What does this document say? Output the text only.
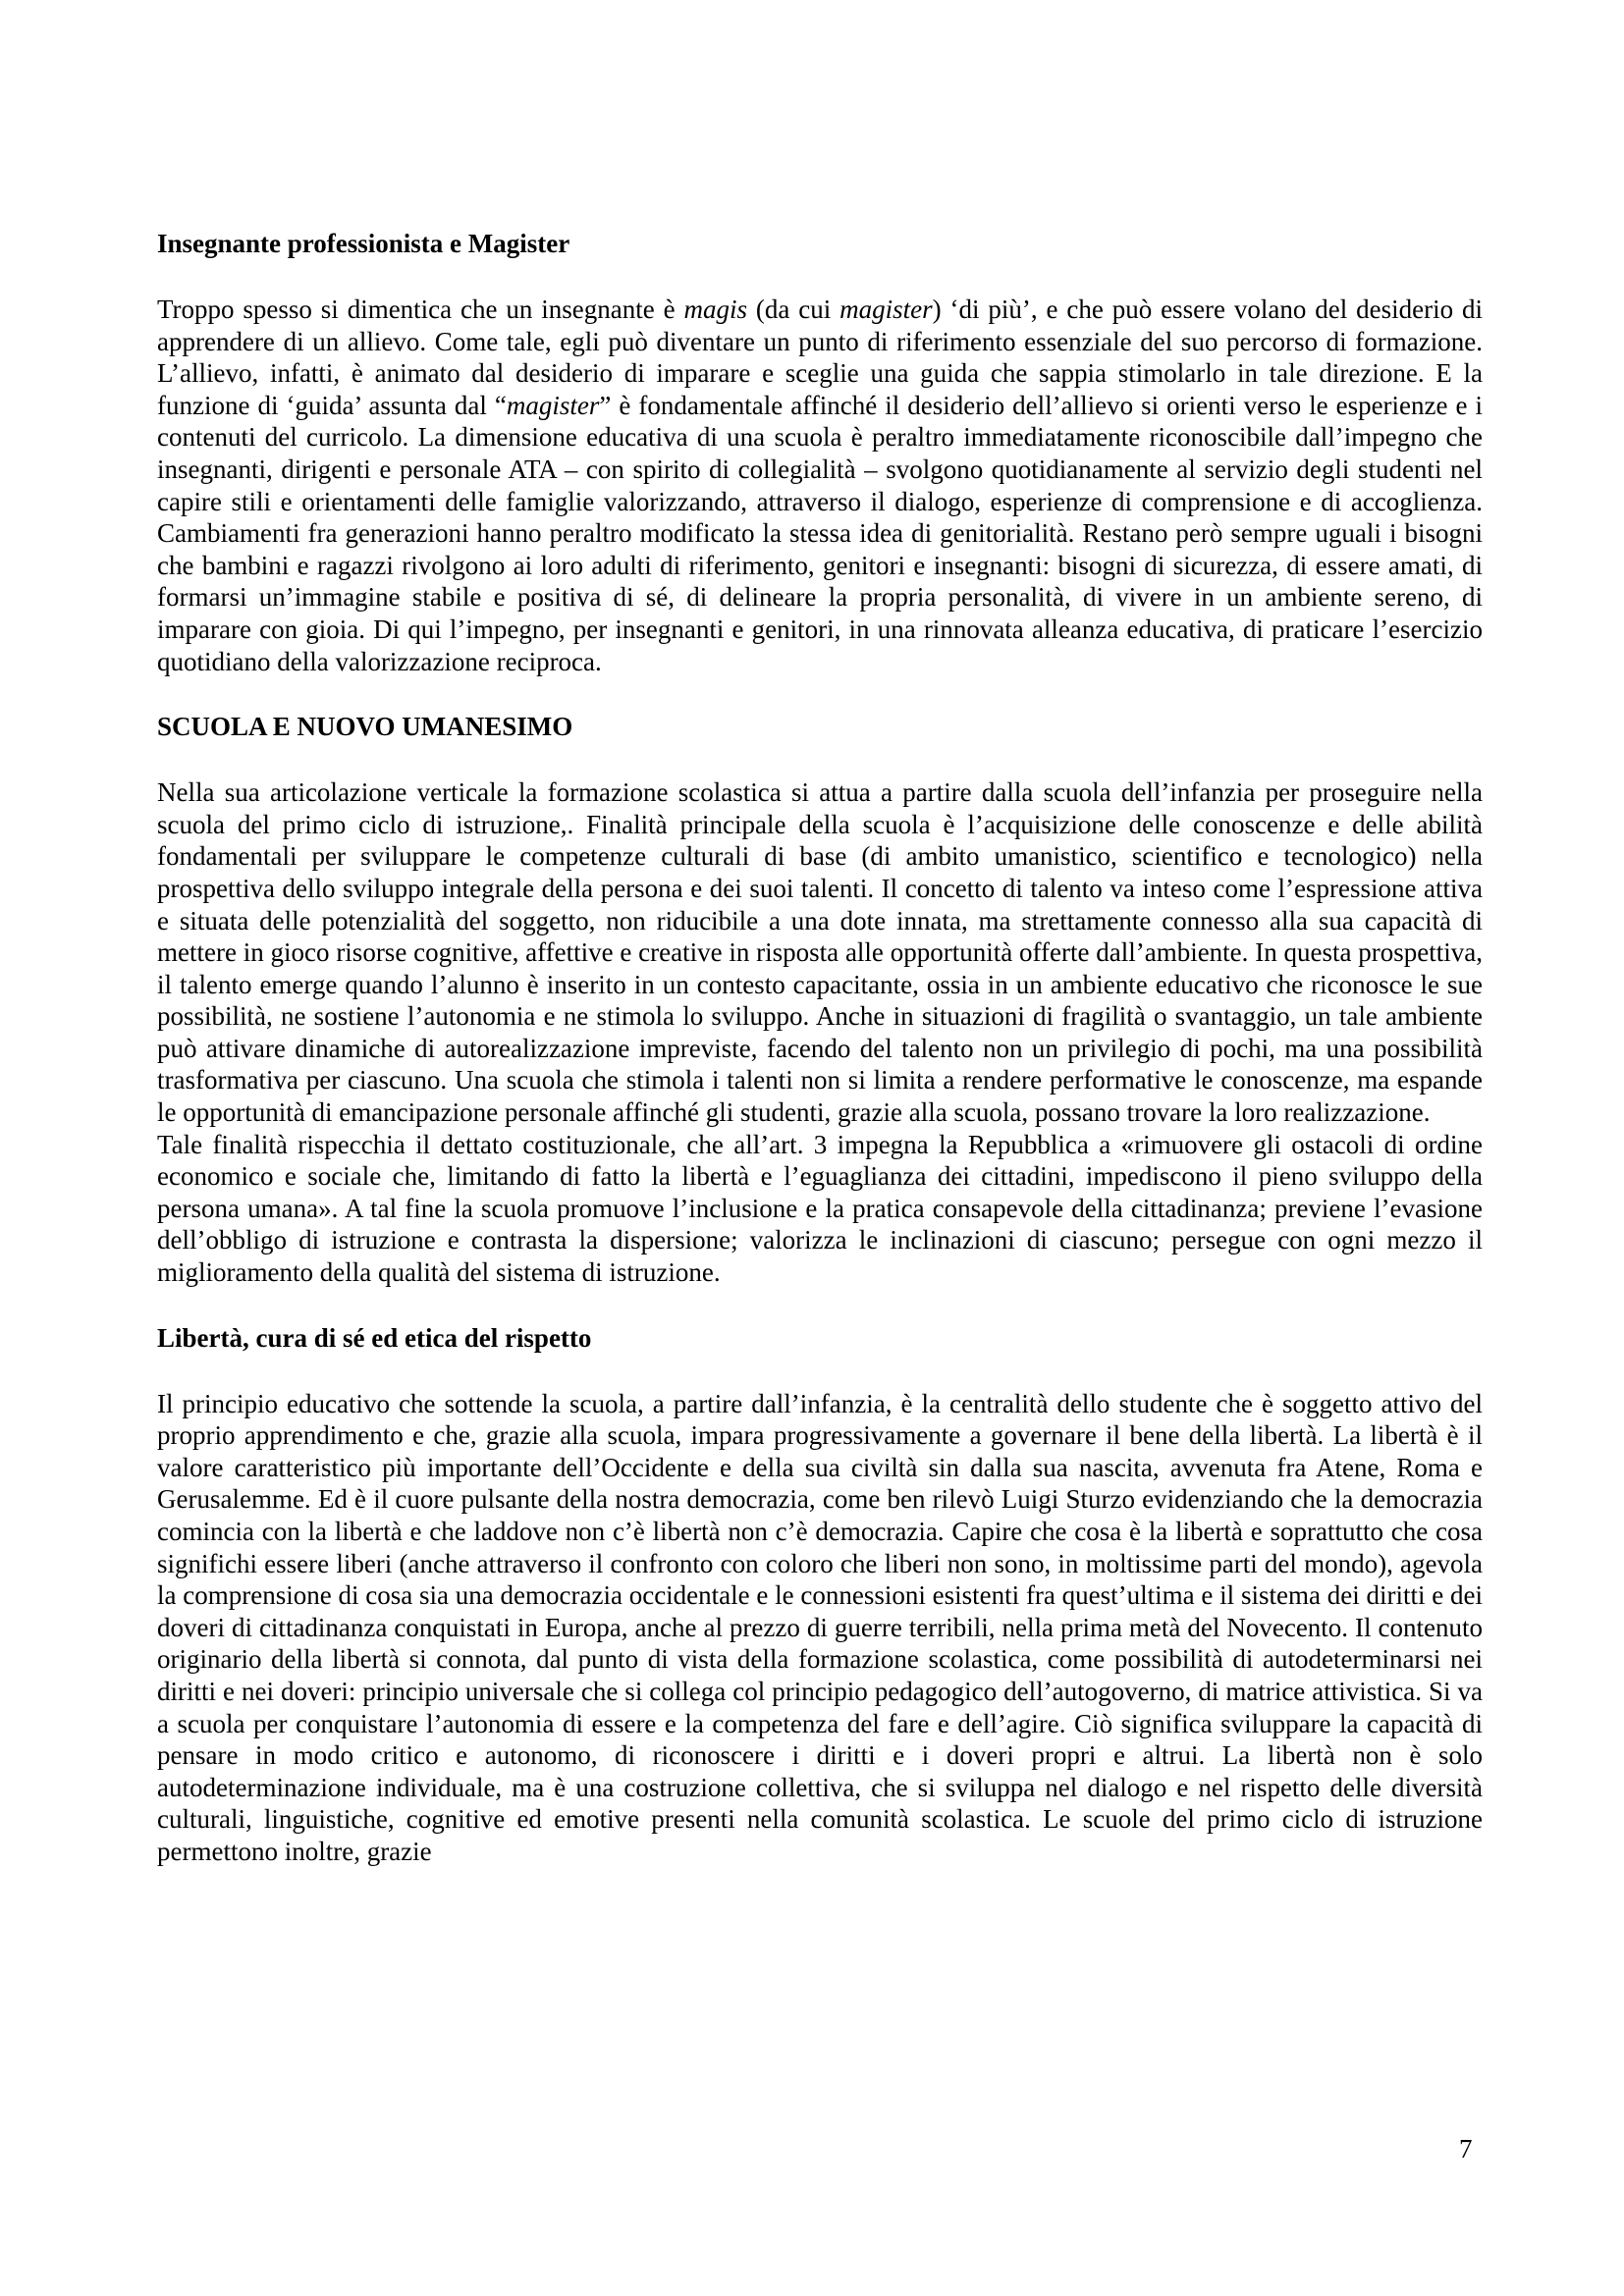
Insegnante professionista e Magister

Troppo spesso si dimentica che un insegnante è magis (da cui magister) ‘di più’, e che può essere volano del desiderio di apprendere di un allievo. Come tale, egli può diventare un punto di riferimento essenziale del suo percorso di formazione. L’allievo, infatti, è animato dal desiderio di imparare e sceglie una guida che sappia stimolarlo in tale direzione. E la funzione di ‘guida’ assunta dal “magister” è fondamentale affinché il desiderio dell’allievo si orienti verso le esperienze e i contenuti del curricolo. La dimensione educativa di una scuola è peraltro immediatamente riconoscibile dall’impegno che insegnanti, dirigenti e personale ATA – con spirito di collegialità – svolgono quotidianamente al servizio degli studenti nel capire stili e orientamenti delle famiglie valorizzando, attraverso il dialogo, esperienze di comprensione e di accoglienza. Cambiamenti fra generazioni hanno peraltro modificato la stessa idea di genitorialità. Restano però sempre uguali i bisogni che bambini e ragazzi rivolgono ai loro adulti di riferimento, genitori e insegnanti: bisogni di sicurezza, di essere amati, di formarsi un’immagine stabile e positiva di sé, di delineare la propria personalità, di vivere in un ambiente sereno, di imparare con gioia. Di qui l’impegno, per insegnanti e genitori, in una rinnovata alleanza educativa, di praticare l’esercizio quotidiano della valorizzazione reciproca.

SCUOLA E NUOVO UMANESIMO

Nella sua articolazione verticale la formazione scolastica si attua a partire dalla scuola dell’infanzia per proseguire nella scuola del primo ciclo di istruzione,. Finalità principale della scuola è l’acquisizione delle conoscenze e delle abilità fondamentali per sviluppare le competenze culturali di base (di ambito umanistico, scientifico e tecnologico) nella prospettiva dello sviluppo integrale della persona e dei suoi talenti. Il concetto di talento va inteso come l’espressione attiva e situata delle potenzialità del soggetto, non riducibile a una dote innata, ma strettamente connesso alla sua capacità di mettere in gioco risorse cognitive, affettive e creative in risposta alle opportunità offerte dall’ambiente. In questa prospettiva, il talento emerge quando l’alunno è inserito in un contesto capacitante, ossia in un ambiente educativo che riconosce le sue possibilità, ne sostiene l’autonomia e ne stimola lo sviluppo. Anche in situazioni di fragilità o svantaggio, un tale ambiente può attivare dinamiche di autorealizzazione impreviste, facendo del talento non un privilegio di pochi, ma una possibilità trasformativa per ciascuno. Una scuola che stimola i talenti non si limita a rendere performative le conoscenze, ma espande le opportunità di emancipazione personale affinché gli studenti, grazie alla scuola, possano trovare la loro realizzazione.

Tale finalità rispecchia il dettato costituzionale, che all’art. 3 impegna la Repubblica a «rimuovere gli ostacoli di ordine economico e sociale che, limitando di fatto la libertà e l’eguaglianza dei cittadini, impediscono il pieno sviluppo della persona umana». A tal fine la scuola promuove l’inclusione e la pratica consapevole della cittadinanza; previene l’evasione dell’obbligo di istruzione e contrasta la dispersione; valorizza le inclinazioni di ciascuno; persegue con ogni mezzo il miglioramento della qualità del sistema di istruzione.

Libertà, cura di sé ed etica del rispetto

Il principio educativo che sottende la scuola, a partire dall’infanzia, è la centralità dello studente che è soggetto attivo del proprio apprendimento e che, grazie alla scuola, impara progressivamente a governare il bene della libertà. La libertà è il valore caratteristico più importante dell’Occidente e della sua civiltà sin dalla sua nascita, avvenuta fra Atene, Roma e Gerusalemme. Ed è il cuore pulsante della nostra democrazia, come ben rilevò Luigi Sturzo evidenziando che la democrazia comincia con la libertà e che laddove non c’è libertà non c’è democrazia. Capire che cosa è la libertà e soprattutto che cosa significhi essere liberi (anche attraverso il confronto con coloro che liberi non sono, in moltissime parti del mondo), agevola la comprensione di cosa sia una democrazia occidentale e le connessioni esistenti fra quest’ultima e il sistema dei diritti e dei doveri di cittadinanza conquistati in Europa, anche al prezzo di guerre terribili, nella prima metà del Novecento. Il contenuto originario della libertà si connota, dal punto di vista della formazione scolastica, come possibilità di autodeterminarsi nei diritti e nei doveri: principio universale che si collega col principio pedagogico dell’autogoverno, di matrice attivistica. Si va a scuola per conquistare l’autonomia di essere e la competenza del fare e dell’agire. Ciò significa sviluppare la capacità di pensare in modo critico e autonomo, di riconoscere i diritti e i doveri propri e altrui. La libertà non è solo autodeterminazione individuale, ma è una costruzione collettiva, che si sviluppa nel dialogo e nel rispetto delle diversità culturali, linguistiche, cognitive ed emotive presenti nella comunità scolastica. Le scuole del primo ciclo di istruzione permettono inoltre, grazie

7
